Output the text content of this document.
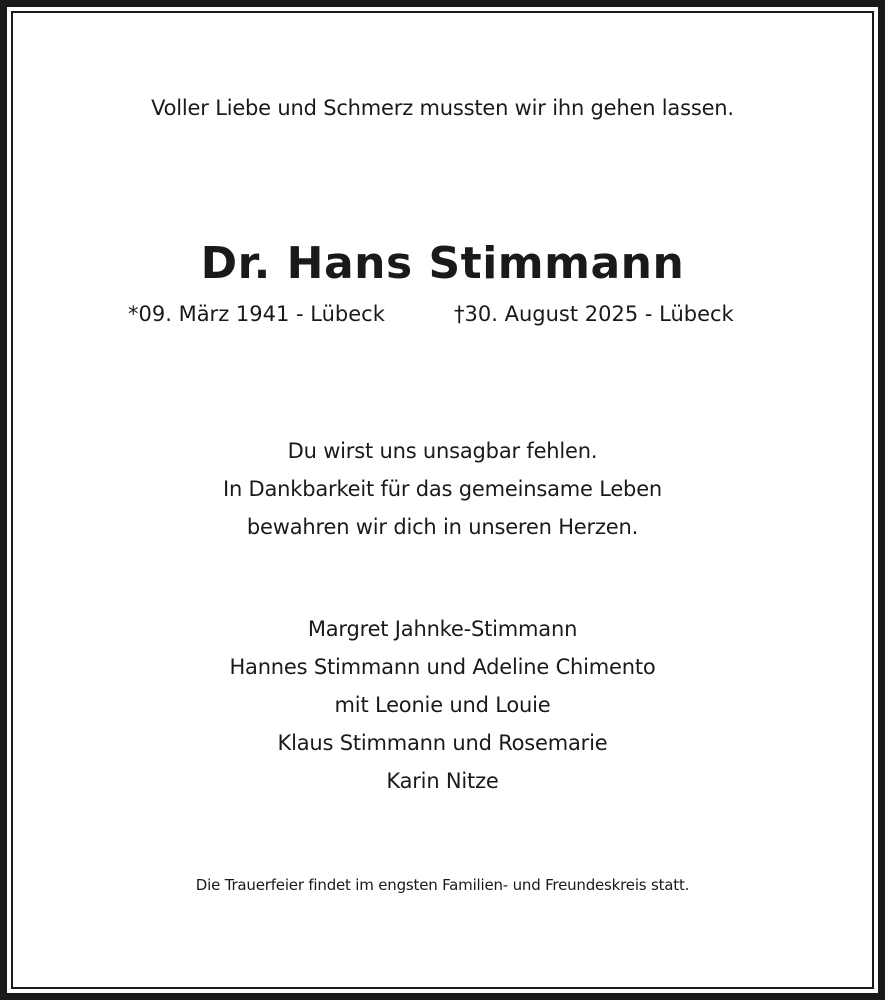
Voller Liebe und Schmerz mussten wir ihn gehen lassen.
Dr. Hans Stimmann
*09. März 1941 - Lübeck	†30. August 2025 - Lübeck
Du wirst uns unsagbar fehlen.
In Dankbarkeit für das gemeinsame Leben
bewahren wir dich in unseren Herzen.
Margret Jahnke-Stimmann
Hannes Stimmann und Adeline Chimento
mit Leonie und Louie
Klaus Stimmann und Rosemarie
Karin Nitze
Die Trauerfeier findet im engsten Familien- und Freundeskreis statt.
